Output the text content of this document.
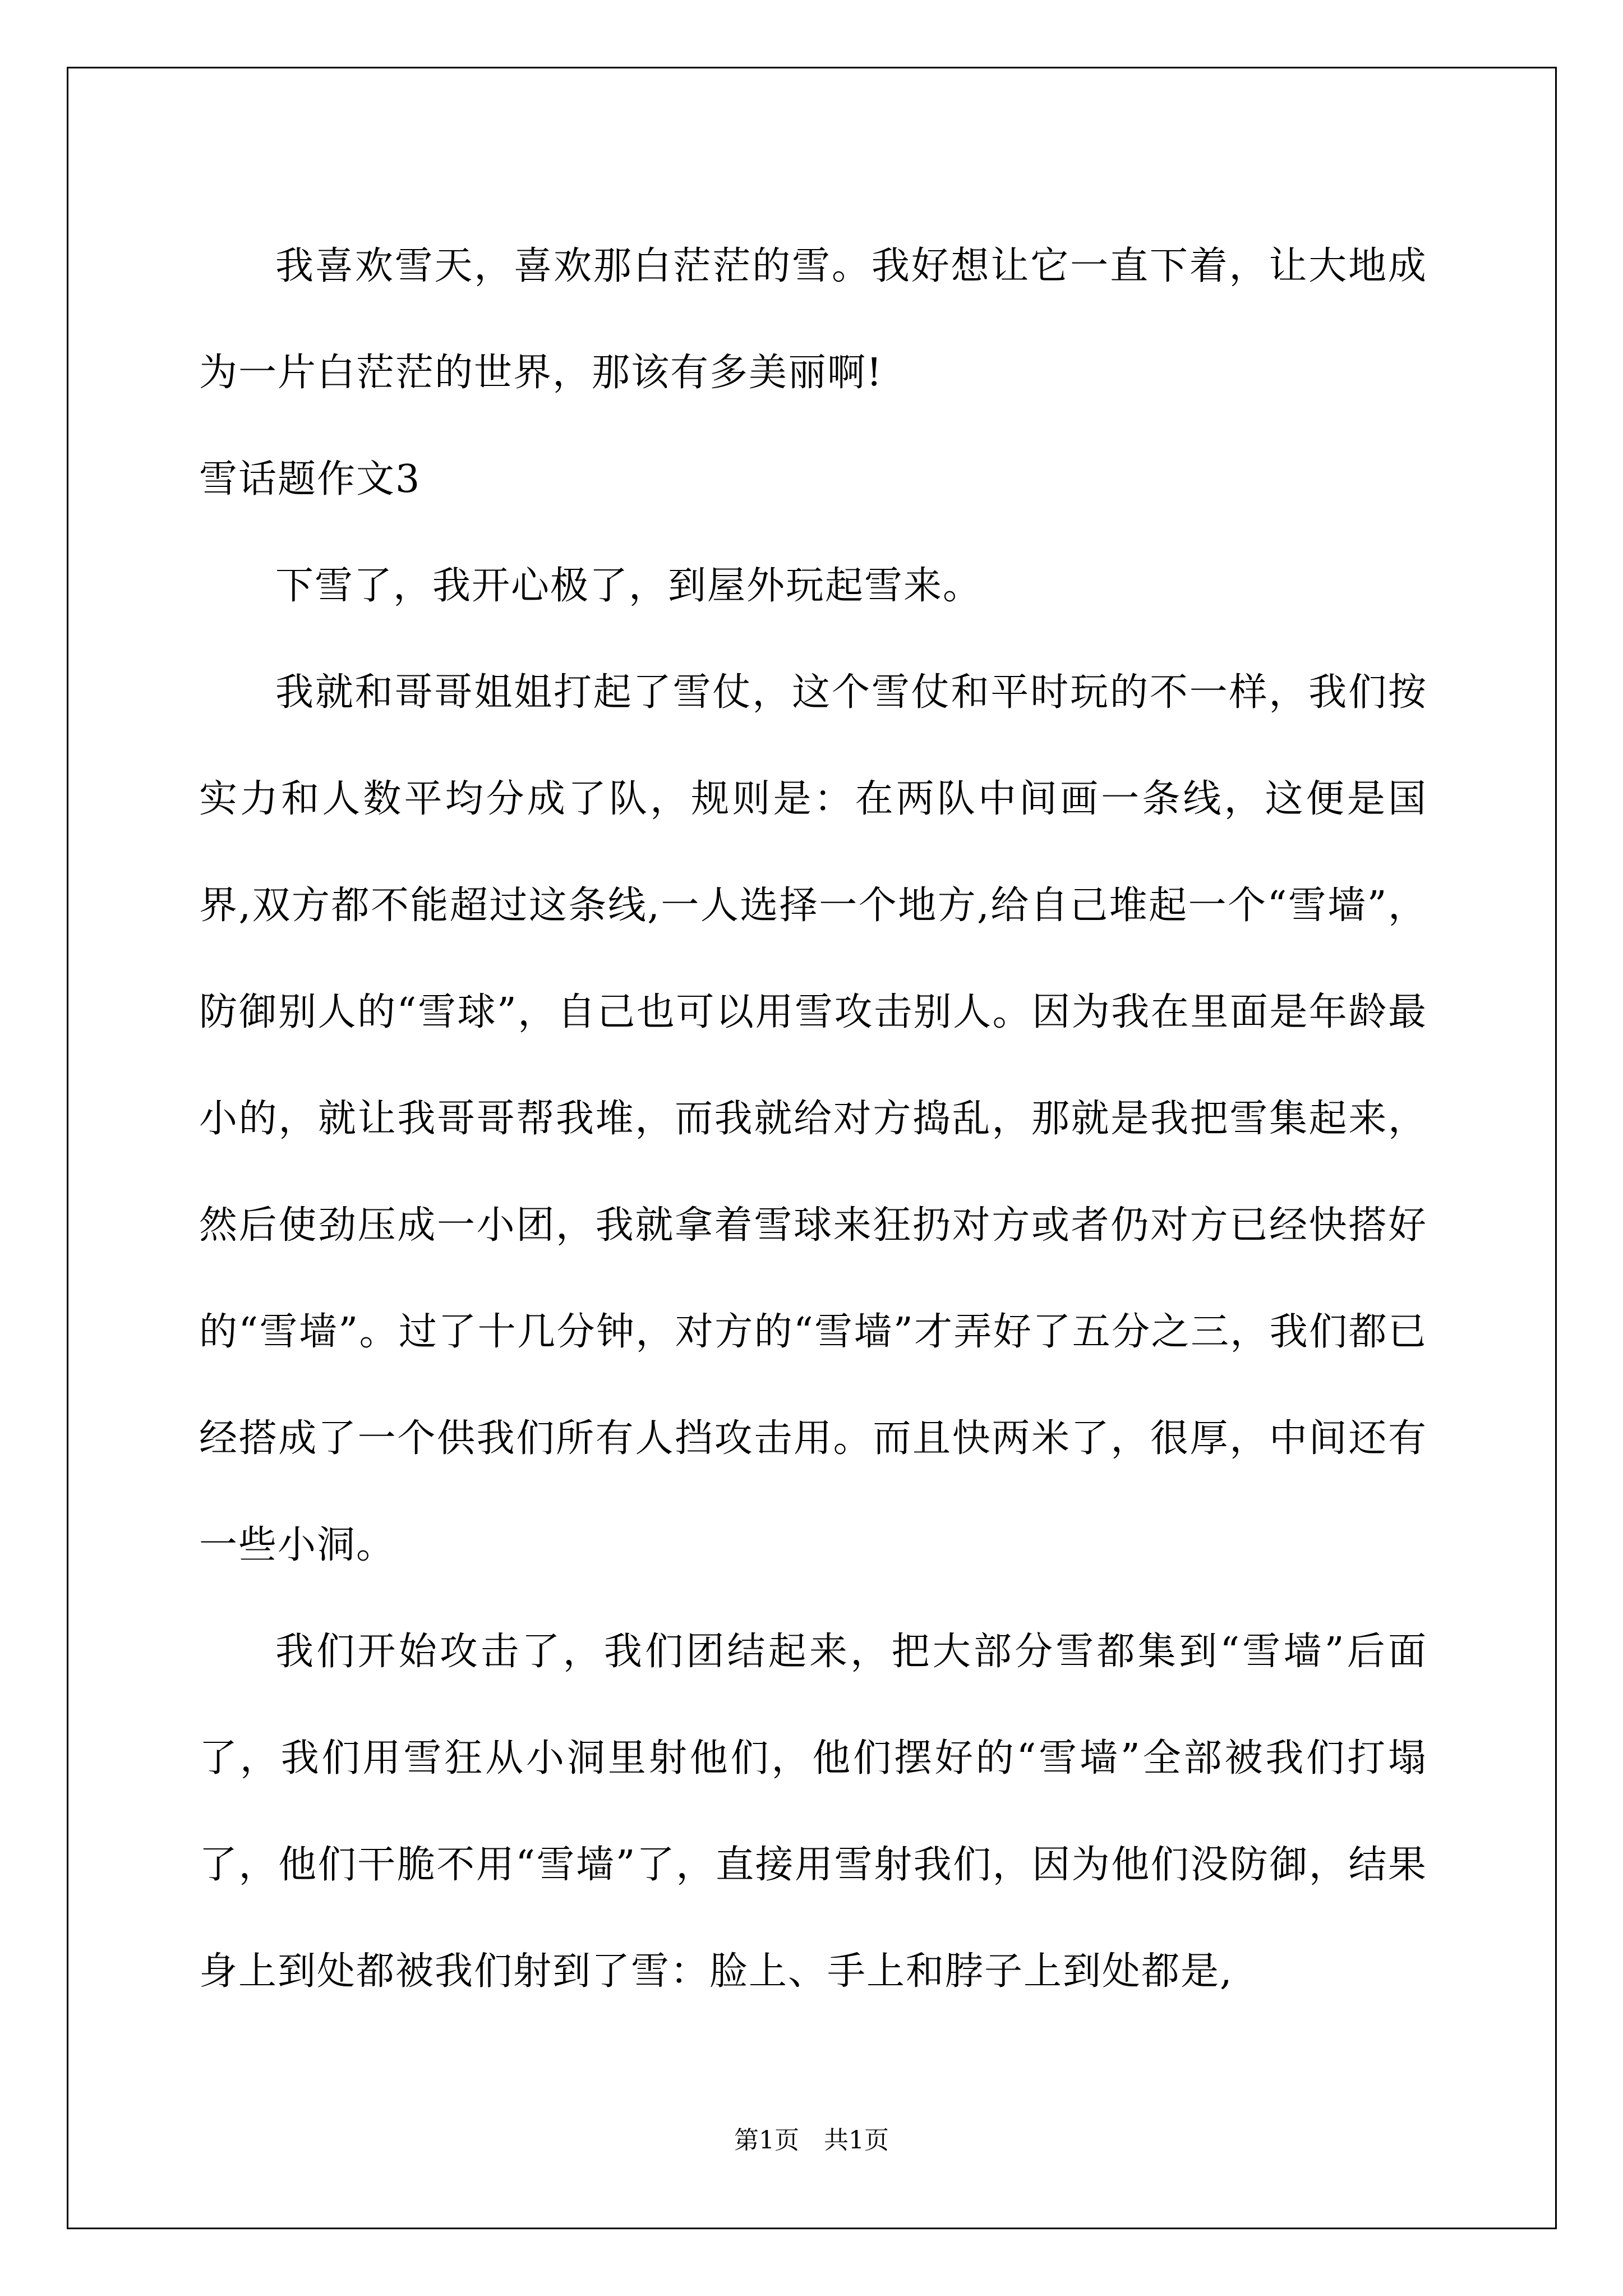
我喜欢雪天，喜欢那白茫茫的雪。我好想让它一直下着，让大地成为一片白茫茫的世界，那该有多美丽啊!

雪话题作文3

下雪了，我开心极了，到屋外玩起雪来。

我就和哥哥姐姐打起了雪仗，这个雪仗和平时玩的不一样，我们按实力和人数平均分成了队，规则是：在两队中间画一条线，这便是国界,双方都不能超过这条线,一人选择一个地方,给自己堆起一个“雪墙”，防御别人的“雪球”，自己也可以用雪攻击别人。因为我在里面是年龄最小的，就让我哥哥帮我堆，而我就给对方捣乱，那就是我把雪集起来，然后使劲压成一小团，我就拿着雪球来狂扔对方或者仍对方已经快搭好的“雪墙”。过了十几分钟，对方的“雪墙”才弄好了五分之三，我们都已经搭成了一个供我们所有人挡攻击用。而且快两米了，很厚，中间还有一些小洞。

我们开始攻击了，我们团结起来，把大部分雪都集到“雪墙”后面了，我们用雪狂从小洞里射他们，他们摆好的“雪墙”全部被我们打塌了，他们干脆不用“雪墙”了，直接用雪射我们，因为他们没防御，结果身上到处都被我们射到了雪：脸上、手上和脖子上到处都是,

第1页 共1页
